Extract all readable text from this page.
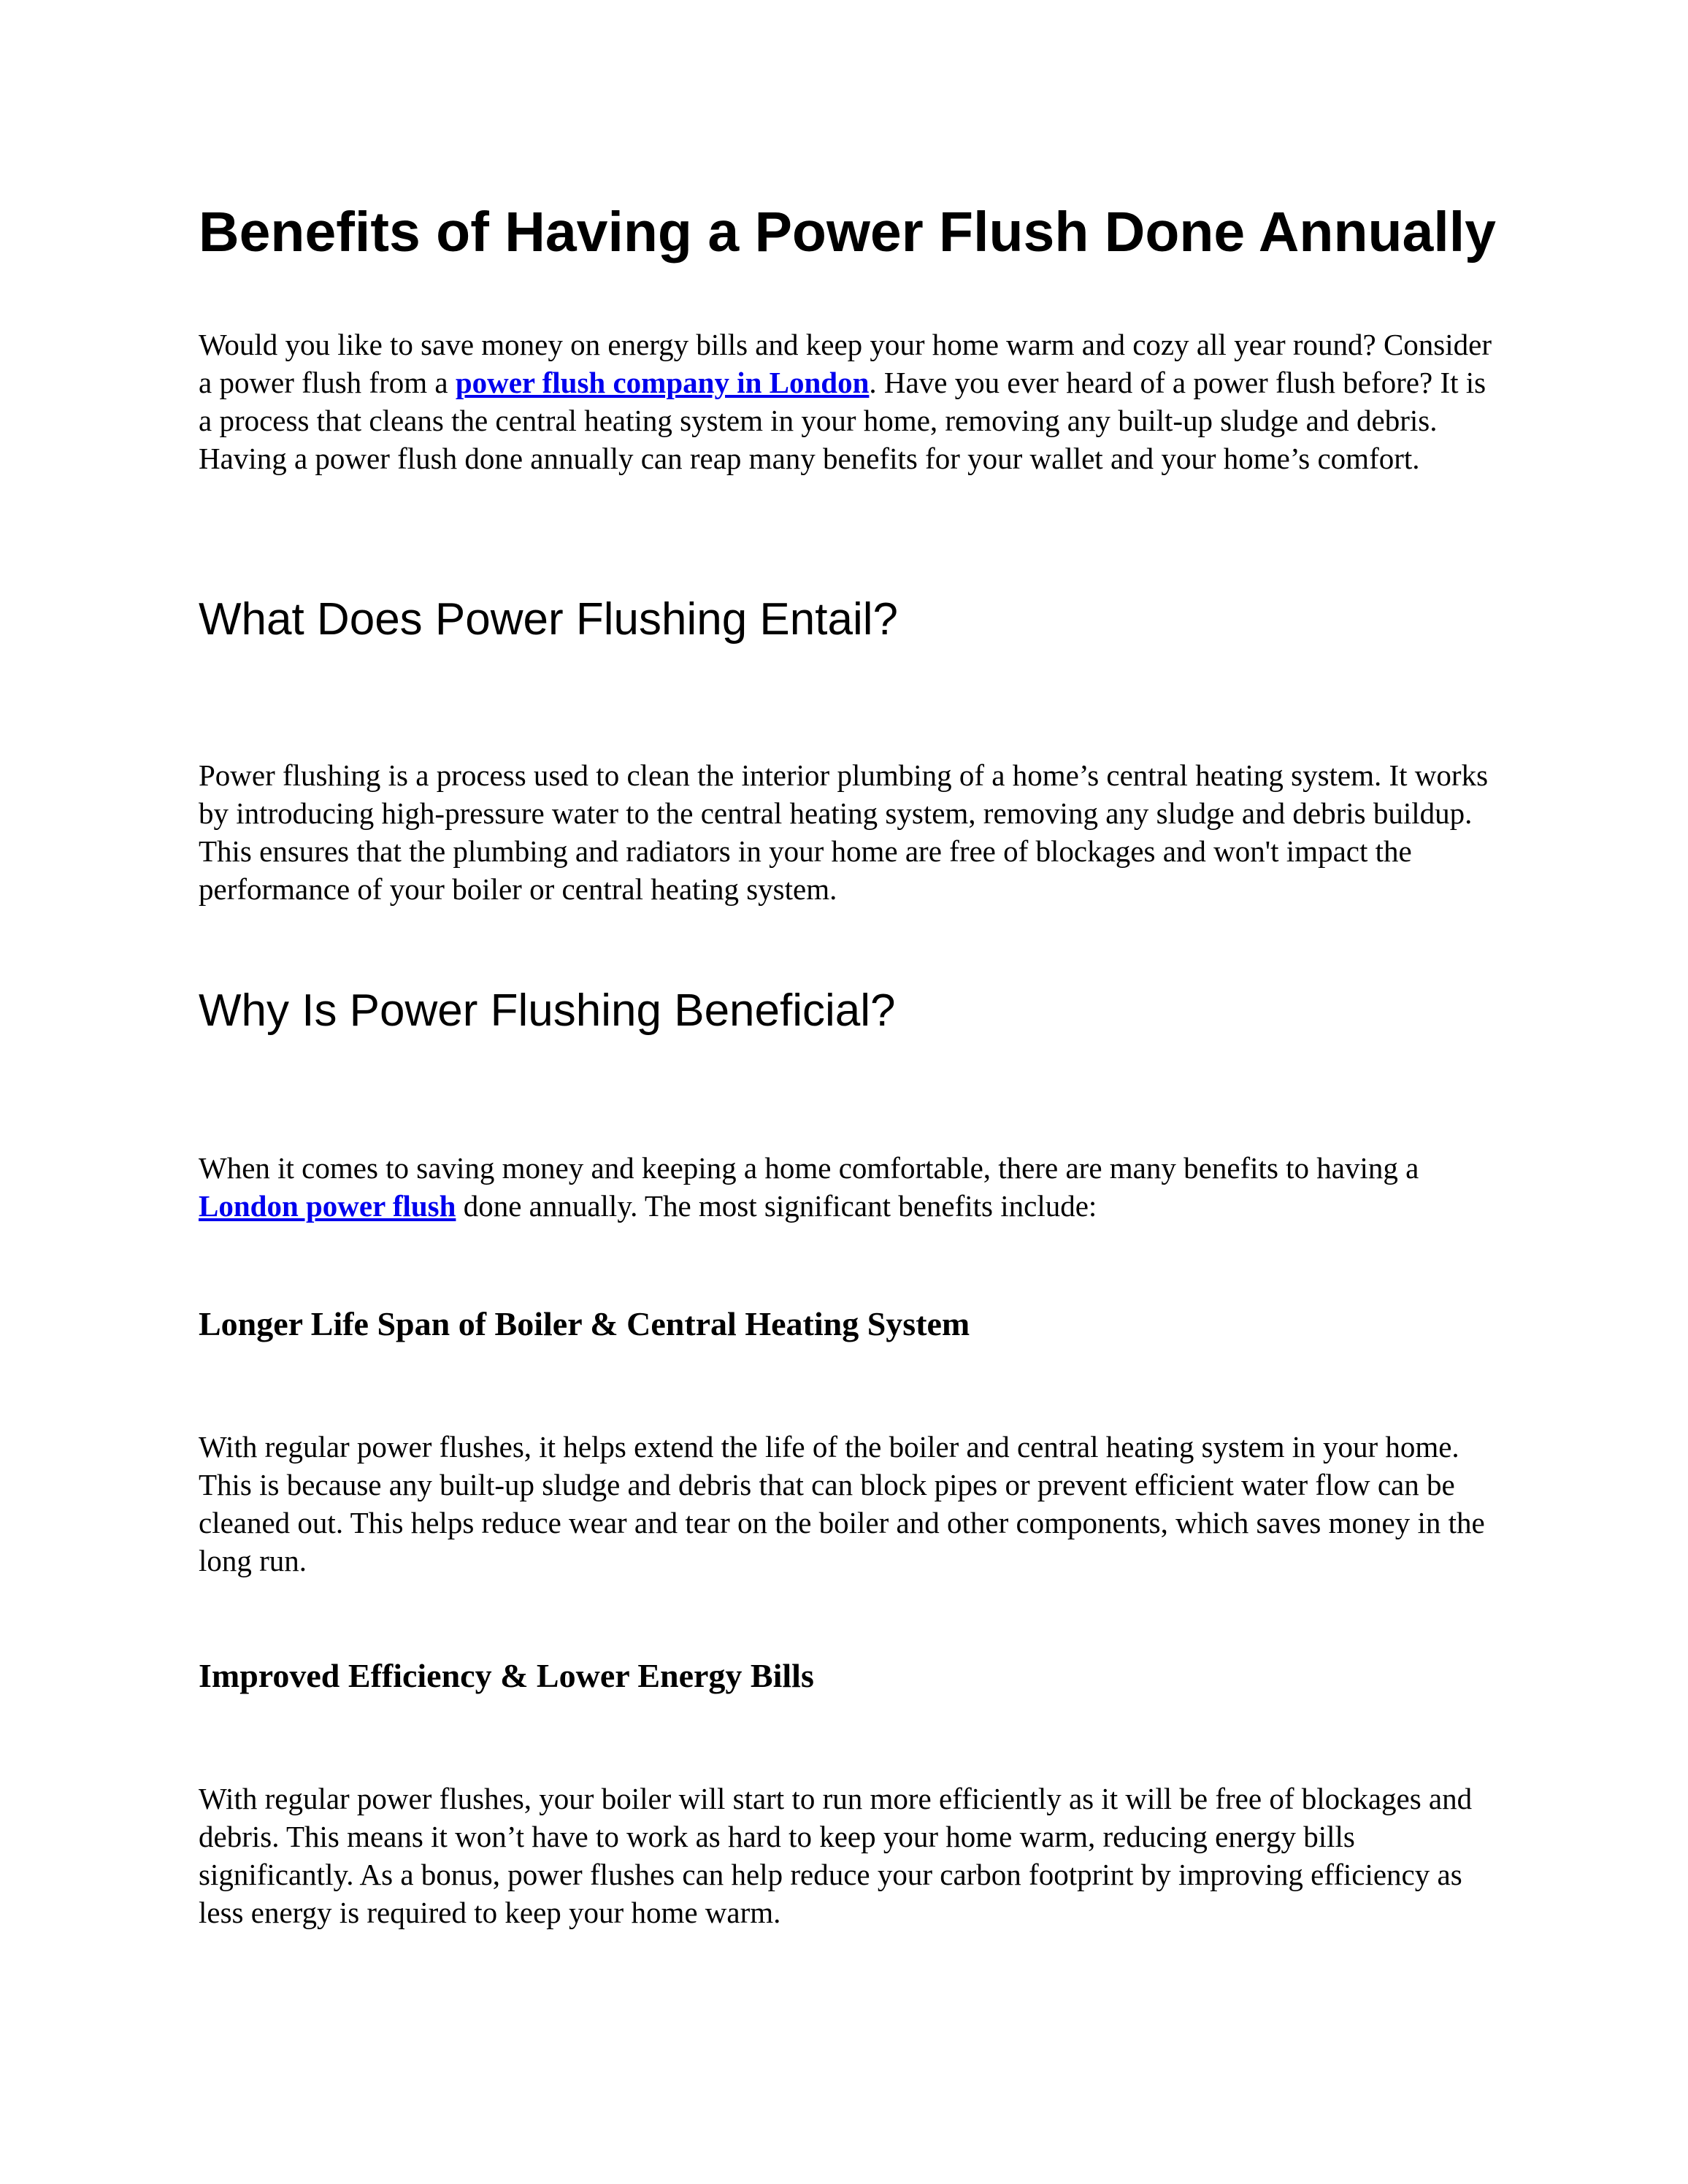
Benefits of Having a Power Flush Done Annually

Would you like to save money on energy bills and keep your home warm and cozy all year round? Consider a power flush from a power flush company in London. Have you ever heard of a power flush before? It is a process that cleans the central heating system in your home, removing any built-up sludge and debris. Having a power flush done annually can reap many benefits for your wallet and your home’s comfort.

What Does Power Flushing Entail?

Power flushing is a process used to clean the interior plumbing of a home’s central heating system. It works by introducing high-pressure water to the central heating system, removing any sludge and debris buildup. This ensures that the plumbing and radiators in your home are free of blockages and won't impact the performance of your boiler or central heating system.

Why Is Power Flushing Beneficial?

When it comes to saving money and keeping a home comfortable, there are many benefits to having a London power flush done annually. The most significant benefits include:

Longer Life Span of Boiler & Central Heating System

With regular power flushes, it helps extend the life of the boiler and central heating system in your home. This is because any built-up sludge and debris that can block pipes or prevent efficient water flow can be cleaned out. This helps reduce wear and tear on the boiler and other components, which saves money in the long run.

Improved Efficiency & Lower Energy Bills

With regular power flushes, your boiler will start to run more efficiently as it will be free of blockages and debris. This means it won’t have to work as hard to keep your home warm, reducing energy bills significantly. As a bonus, power flushes can help reduce your carbon footprint by improving efficiency as less energy is required to keep your home warm.
